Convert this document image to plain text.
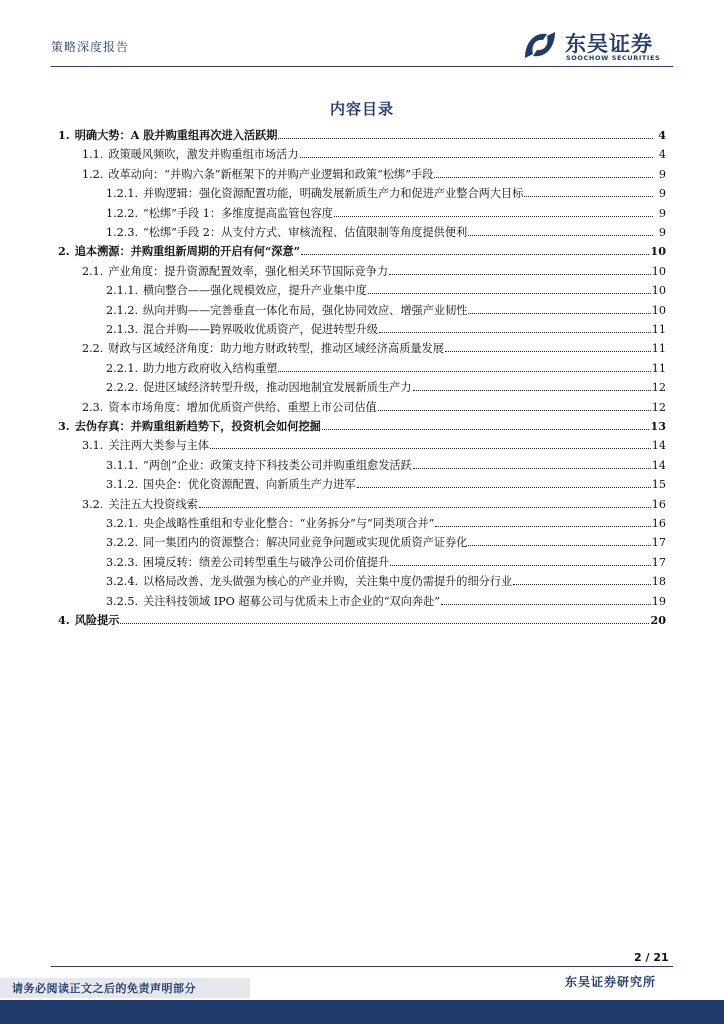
策略深度报告	东吴证券
SOOCHOW SECURITIES
内容目录
1. 明确大势：A 股并购重组再次进入活跃期	4
1.1. 政策暖风频吹，激发并购重组市场活力	4
1.2. 改革动向：“并购六条”新框架下的并购产业逻辑和政策“松绑”手段	9
1.2.1. 并购逻辑：强化资源配置功能，明确发展新质生产力和促进产业整合两大目标	9
1.2.2. “松绑”手段 1：多维度提高监管包容度	9
1.2.3. “松绑”手段 2：从支付方式、审核流程、估值限制等角度提供便利	9
2. 追本溯源：并购重组新周期的开启有何“深意”	10
2.1. 产业角度：提升资源配置效率，强化相关环节国际竞争力	10
2.1.1. 横向整合——强化规模效应，提升产业集中度	10
2.1.2. 纵向并购——完善垂直一体化布局，强化协同效应、增强产业韧性	10
2.1.3. 混合并购——跨界吸收优质资产，促进转型升级	11
2.2. 财政与区域经济角度：助力地方财政转型，推动区域经济高质量发展	11
2.2.1. 助力地方政府收入结构重塑	11
2.2.2. 促进区域经济转型升级，推动因地制宜发展新质生产力	12
2.3. 资本市场角度：增加优质资产供给、重塑上市公司估值	12
3. 去伪存真：并购重组新趋势下，投资机会如何挖掘	13
3.1. 关注两大类参与主体	14
3.1.1. “两创”企业：政策支持下科技类公司并购重组愈发活跃	14
3.1.2. 国央企：优化资源配置、向新质生产力进军	15
3.2. 关注五大投资线索	16
3.2.1. 央企战略性重组和专业化整合：“业务拆分”与“同类项合并”	16
3.2.2. 同一集团内的资源整合：解决同业竞争问题或实现优质资产证券化	17
3.2.3. 困境反转：绩差公司转型重生与破净公司价值提升	17
3.2.4. 以格局改善、龙头做强为核心的产业并购，关注集中度仍需提升的细分行业	18
3.2.5. 关注科技领域 IPO 超募公司与优质未上市企业的“双向奔赴”	19
4. 风险提示	20
2 / 21
东吴证券研究所
请务必阅读正文之后的免责声明部分
